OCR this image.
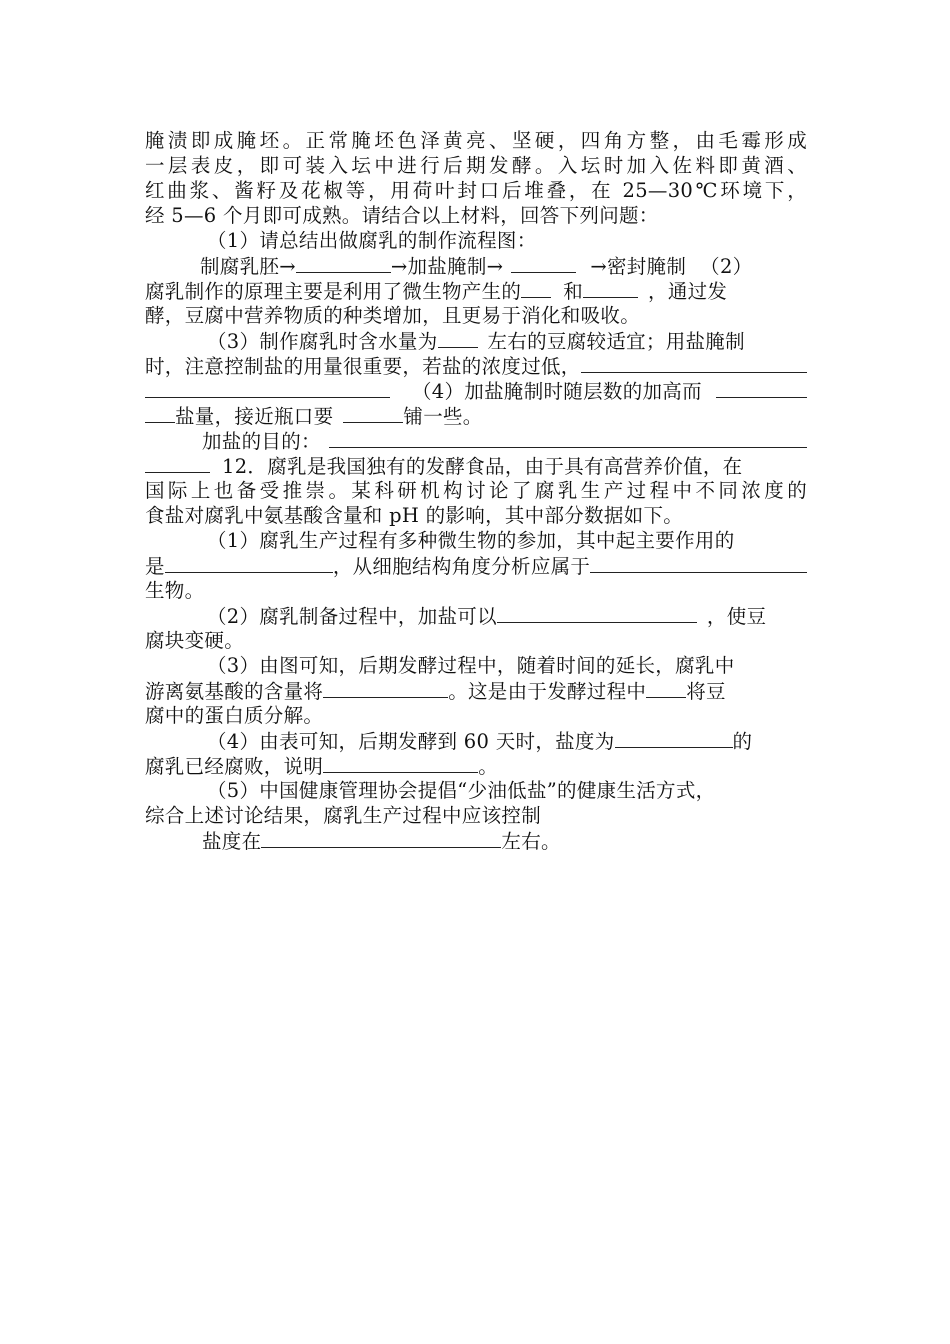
腌渍即成腌坯。正常腌坯色泽黄亮、坚硬，四角方整，由毛霉形成
一层表皮，即可装入坛中进行后期发酵。入坛时加入佐料即黄酒、
红曲浆、酱籽及花椒等，用荷叶封口后堆叠，在 25—30℃环境下，
经 5—6 个月即可成熟。请结合以上材料，回答下列问题：
（1）请总结出做腐乳的制作流程图：
制腐乳胚→	→加盐腌制→	→密封腌制 （2）
腐乳制作的原理主要是利用了微生物产生的 和	，通过发
酵，豆腐中营养物质的种类增加，且更易于消化和吸收。
（3）制作腐乳时含水量为	左右的豆腐较适宜；用盐腌制
时，注意控制盐的用量很重要，若盐的浓度过低，
（4）加盐腌制时随层数的加高而
盐量，接近瓶口要	铺一些。
加盐的目的：
12．腐乳是我国独有的发酵食品，由于具有高营养价值，在
国际上也备受推崇。某科研机构讨论了腐乳生产过程中不同浓度的
食盐对腐乳中氨基酸含量和 pH 的影响，其中部分数据如下。
（1）腐乳生产过程有多种微生物的参加，其中起主要作用的
是	，从细胞结构角度分析应属于
生物。
（2）腐乳制备过程中，加盐可以	，使豆
腐块变硬。
（3）由图可知，后期发酵过程中，随着时间的延长，腐乳中
游离氨基酸的含量将	。这是由于发酵过程中 将豆
腐中的蛋白质分解。
（4）由表可知，后期发酵到 60 天时，盐度为	的
腐乳已经腐败，说明	。
（5）中国健康管理协会提倡“少油低盐”的健康生活方式，
综合上述讨论结果，腐乳生产过程中应该控制
盐度在	左右。
